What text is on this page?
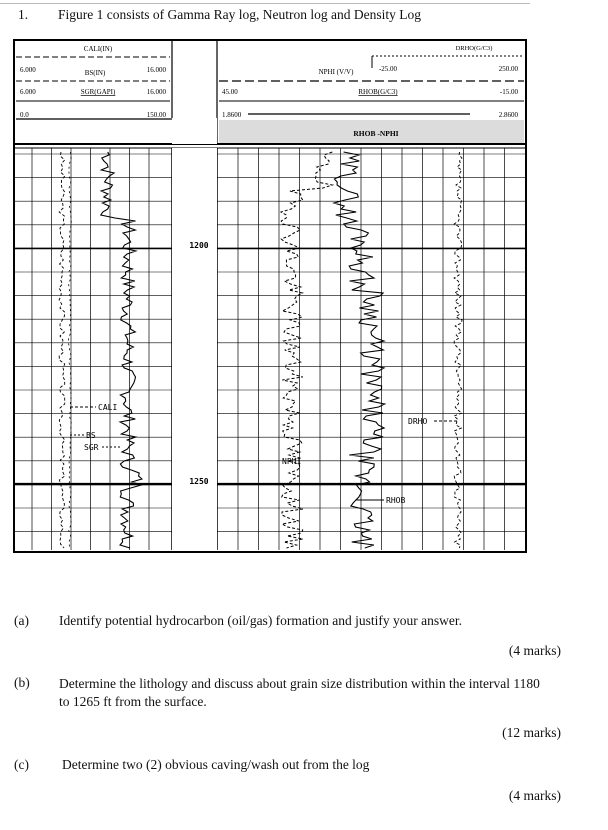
1. Figure 1 consists of Gamma Ray log, Neutron log and Density Log
CALI(IN)
6.000	BS(IN)	16.000
6.000	SGR(GAPI)	16.000
0.0	150.00
DRHO(G/C3)
NPHI (V/V)	-25.00	250.00
45.00	RHOB(G/C3)	-15.00
1.8600	2.8600
RHOB -NPHI
1200
1250
CALI
BS
SGR
NPHI
RHOB
DRHO
(a) Identify potential hydrocarbon (oil/gas) formation and justify your answer.
(4 marks)
(b) Determine the lithology and discuss about grain size distribution within the interval 1180 to 1265 ft from the surface.
(12 marks)
(c) Determine two (2) obvious caving/wash out from the log
(4 marks)
